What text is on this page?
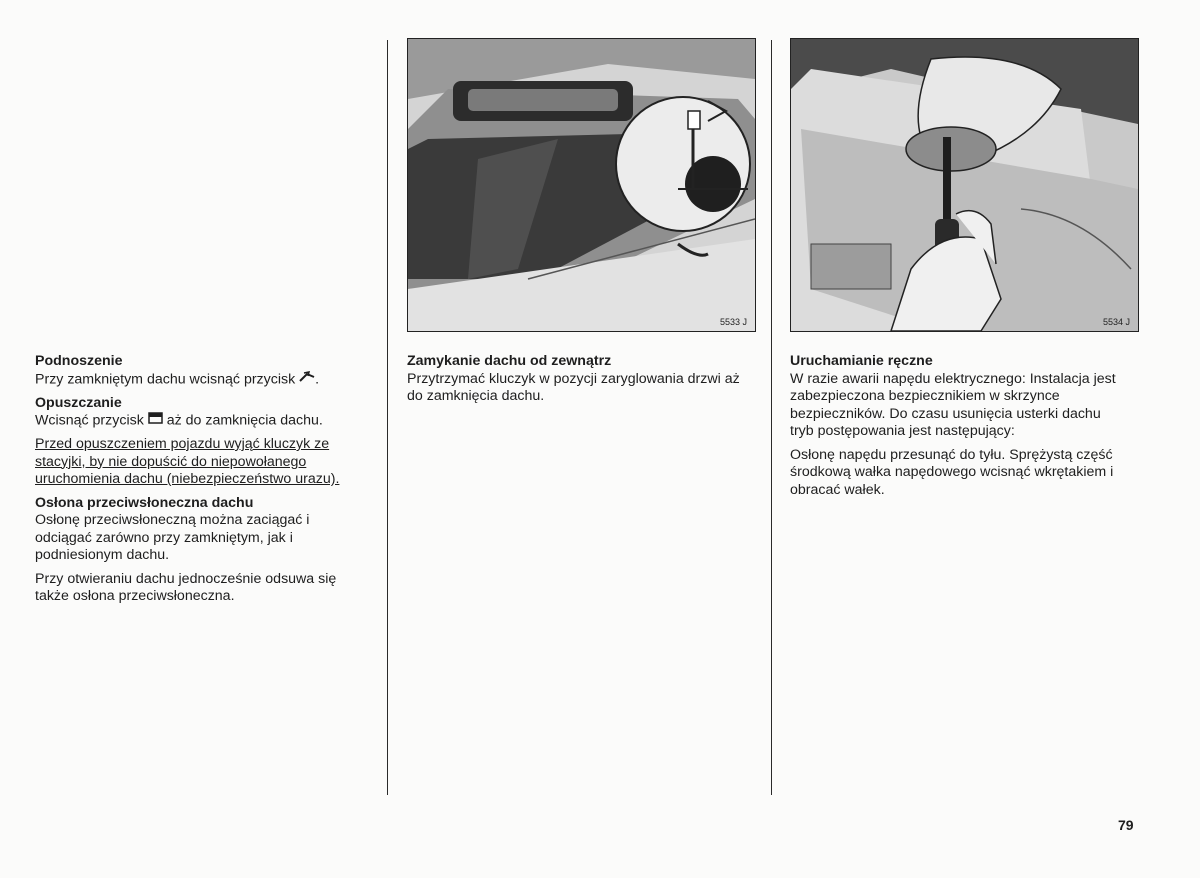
Podnoszenie
Przy zamkniętym dachu wcisnąć przycisk .

Opuszczanie
Wcisnąć przycisk aż do zamknięcia dachu.

Przed opuszczeniem pojazdu wyjąć kluczyk ze stacyjki, by nie dopuścić do niepowołanego uruchomienia dachu (niebezpieczeństwo urazu).

Osłona przeciwsłoneczna dachu
Osłonę przeciwsłoneczną można zaciągać i odciągać zarówno przy zamkniętym, jak i podniesionym dachu.

Przy otwieraniu dachu jednocześnie odsuwa się także osłona przeciwsłoneczna.

5533 J

Zamykanie dachu od zewnątrz
Przytrzymać kluczyk w pozycji zaryglowania drzwi aż do zamknięcia dachu.

5534 J

Uruchamianie ręczne
W razie awarii napędu elektrycznego: Instalacja jest zabezpieczona bezpiecznikiem w skrzynce bezpieczników. Do czasu usunięcia usterki dachu tryb postępowania jest następujący:

Osłonę napędu przesunąć do tyłu. Sprężystą część środkową wałka napędowego wcisnąć wkrętakiem i obracać wałek.

79
